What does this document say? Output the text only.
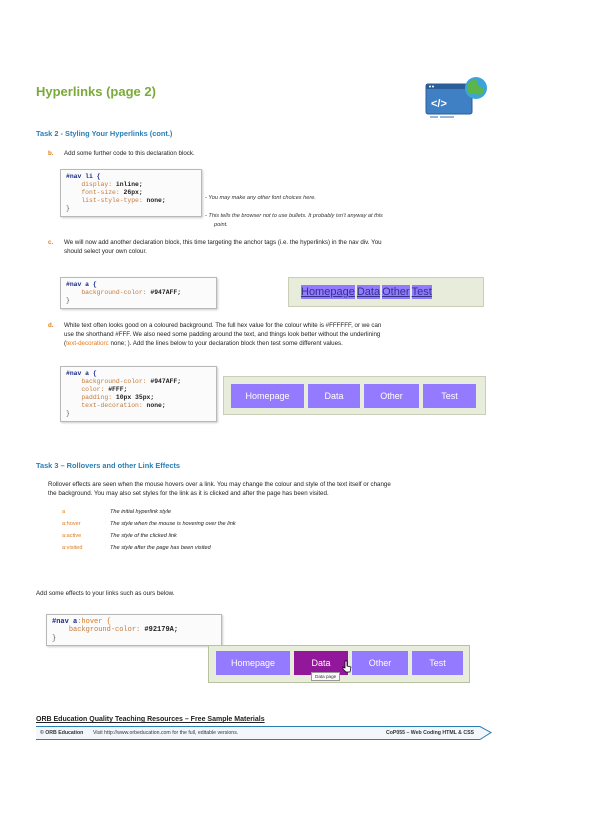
Hyperlinks (page 2)
</>
Task 2 - Styling Your Hyperlinks (cont.)
b. Add some further code to this declaration block.
#nav li {
display: inline;
font-size: 26px;
list-style-type: none;
}
- You may make any other font choices here.
- This tells the browser not to use bullets. It probably isn’t anyway at this
point.
c. We will now add another declaration block, this time targeting the anchor tags (i.e. the hyperlinks) in the nav div. You
should select your own colour.
#nav a {
background-color: #947AFF;
}
Homepage Data Other Test
d. White text often looks good on a coloured background. The full hex value for the colour white is #FFFFFF, or we can
use the shorthand #FFF. We also need some padding around the text, and things look better without the underlining
(text-decoration: none; ). Add the lines below to your declaration block then test some different values.
#nav a {
background-color: #947AFF;
color: #FFF;
padding: 10px 35px;
text-decoration: none;
}
Homepage	Data	Other	Test
Task 3 – Rollovers and other Link Effects
Rollover effects are seen when the mouse hovers over a link. You may change the colour and style of the text itself or change
the background. You may also set styles for the link as it is clicked and after the page has been visited.
a	The initial hyperlink style
a:hover	The style when the mouse is hovering over the link
a:active	The style of the clicked link
a:visited	The style after the page has been visited
Add some effects to your links such as ours below.
#nav a:hover {
background-color: #92179A;
}
Homepage	Data	Other	Test
Data page
ORB Education Quality Teaching Resources – Free Sample Materials
© ORB Education Visit http://www.orbeducation.com for the full, editable versions.	CoP055 – Web Coding HTML & CSS
